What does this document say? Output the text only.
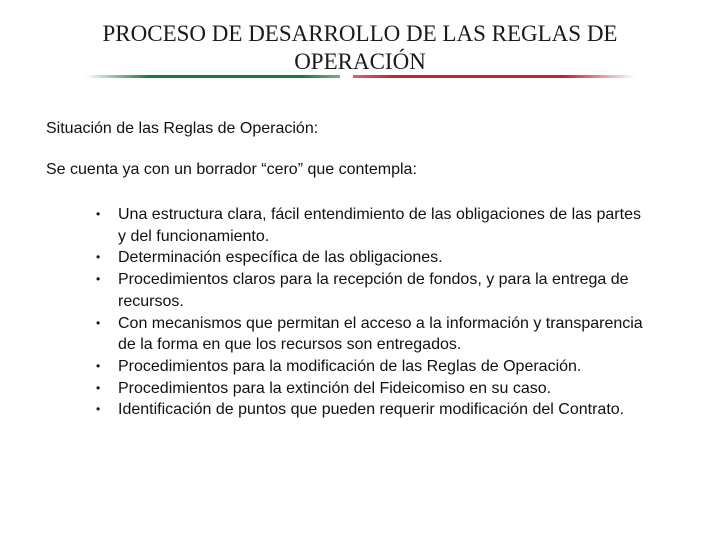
PROCESO DE DESARROLLO DE LAS REGLAS DE
OPERACIÓN
Situación de las Reglas de Operación:
Se cuenta ya con un borrador “cero” que contempla:
• Una estructura clara, fácil entendimiento de las obligaciones de las partes y del funcionamiento.
• Determinación específica de las obligaciones.
• Procedimientos claros para la recepción de fondos, y para la entrega de recursos.
• Con mecanismos que permitan el acceso a la información y transparencia de la forma en que los recursos son entregados.
• Procedimientos para la modificación de las Reglas de Operación.
• Procedimientos para la extinción del Fideicomiso en su caso.
• Identificación de puntos que pueden requerir modificación del Contrato.
